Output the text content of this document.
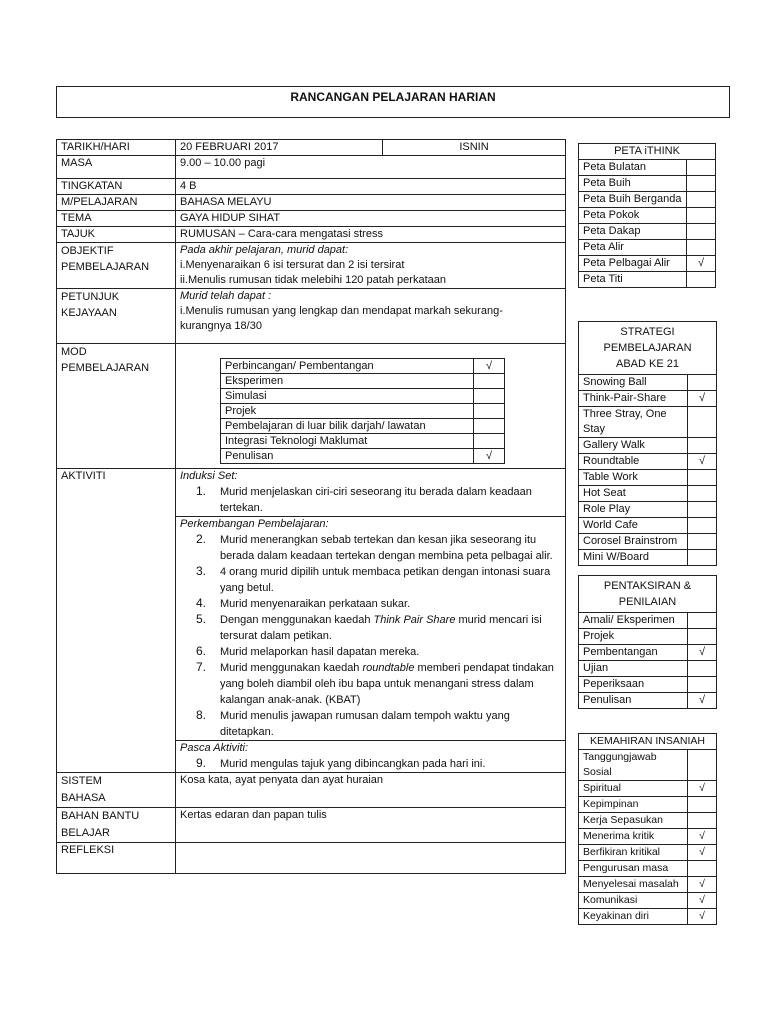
RANCANGAN PELAJARAN HARIAN
TARIKH/HARI	20 FEBRUARI 2017	ISNIN
MASA	9.00 – 10.00 pagi
TINGKATAN	4 B
M/PELAJARAN	BAHASA MELAYU
TEMA	GAYA HIDUP SIHAT
TAJUK	RUMUSAN – Cara-cara mengatasi stress

OBJEKTIF
PEMBELAJARAN

Pada akhir pelajaran, murid dapat:
i.Menyenaraikan 6 isi tersurat dan 2 isi tersirat
ii.Menulis rumusan tidak melebihi 120 patah perkataan

PETUNJUK
KEJAYAAN

Murid telah dapat :
i.Menulis rumusan yang lengkap dan mendapat markah sekurang-kurangnya 18/30

MOD
PEMBELAJARAN
		Perbincangan/ Pembentangan	√
Eksperimen	
Simulasi	
Projek	
Pembelajaran di luar bilik darjah/ lawatan	
Integrasi Teknologi Maklumat	
Penulisan	√

AKTIVITI	Induksi Set:
1.	Murid menjelaskan ciri-ciri seseorang itu berada dalam keadaan tertekan.

Perkembangan Pembelajaran:
2.	Murid menerangkan sebab tertekan dan kesan jika seseorang itu berada dalam keadaan tertekan dengan membina peta pelbagai alir.
3.	4 orang murid dipilih untuk membaca petikan dengan intonasi suara yang betul.
4.	Murid menyenaraikan perkataan sukar.
5.	Dengan menggunakan kaedah Think Pair Share murid mencari isi tersurat dalam petikan.
6.	Murid melaporkan hasil dapatan mereka.
7.	Murid menggunakan kaedah roundtable memberi pendapat tindakan yang boleh diambil oleh ibu bapa untuk menangani stress dalam kalangan anak-anak. (KBAT)
8.	Murid menulis jawapan rumusan dalam tempoh waktu yang ditetapkan.

Pasca Aktiviti:
9.	Murid mengulas tajuk yang dibincangkan pada hari ini.

SISTEM
BAHASA
	Kosa kata, ayat penyata dan ayat huraian

BAHAN BANTU
BELAJAR
	Kertas edaran dan papan tulis
REFLEKSI	
PETA iTHINK	
Peta Bulatan	
Peta Buih	
Peta Buih Berganda	
Peta Pokok	
Peta Dakap	
Peta Alir	
Peta Pelbagai Alir	√
Peta Titi	
STRATEGI PEMBELAJARAN ABAD KE 21	
Snowing Ball	
Think-Pair-Share	√
Three Stray, One Stay	
Gallery Walk	
Roundtable	√
Table Work	
Hot Seat	
Role Play	
World Cafe	
Corosel Brainstrom	
Mini W/Board	
PENTAKSIRAN & PENILAIAN	
Amali/ Eksperimen	
Projek	
Pembentangan	√
Ujian	
Peperiksaan	
Penulisan	√
KEMAHIRAN INSANIAH	
Tanggungjawab Sosial	
Spiritual	√
Kepimpinan	
Kerja Sepasukan	
Menerima kritik	√
Berfikiran kritikal	√
Pengurusan masa	
Menyelesai masalah	√
Komunikasi	√
Keyakinan diri	√
